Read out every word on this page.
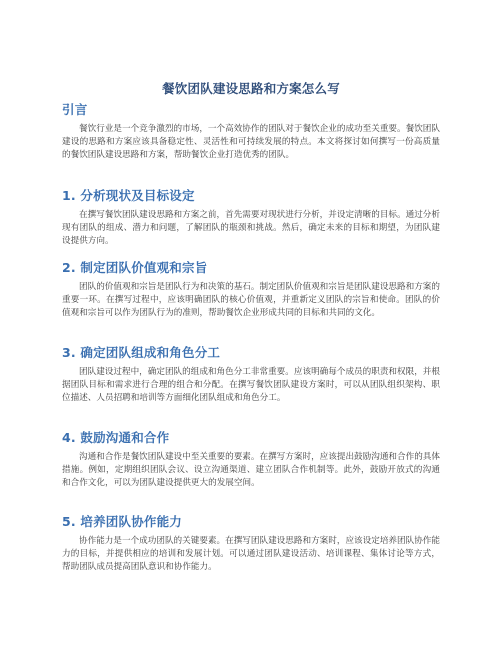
餐饮团队建设思路和方案怎么写
引言

餐饮行业是一个竞争激烈的市场，一个高效协作的团队对于餐饮企业的成功至关重要。餐饮团队建设的思路和方案应该具备稳定性、灵活性和可持续发展的特点。本文将探讨如何撰写一份高质量的餐饮团队建设思路和方案，帮助餐饮企业打造优秀的团队。

1. 分析现状及目标设定

在撰写餐饮团队建设思路和方案之前，首先需要对现状进行分析，并设定清晰的目标。通过分析现有团队的组成、潜力和问题，了解团队的瓶颈和挑战。然后，确定未来的目标和期望，为团队建设提供方向。

2. 制定团队价值观和宗旨

团队的价值观和宗旨是团队行为和决策的基石。制定团队价值观和宗旨是团队建设思路和方案的重要一环。在撰写过程中，应该明确团队的核心价值观，并重新定义团队的宗旨和使命。团队的价值观和宗旨可以作为团队行为的准则，帮助餐饮企业形成共同的目标和共同的文化。

3. 确定团队组成和角色分工

团队建设过程中，确定团队的组成和角色分工非常重要。应该明确每个成员的职责和权限，并根据团队目标和需求进行合理的组合和分配。在撰写餐饮团队建设方案时，可以从团队组织架构、职位描述、人员招聘和培训等方面细化团队组成和角色分工。

4. 鼓励沟通和合作

沟通和合作是餐饮团队建设中至关重要的要素。在撰写方案时，应该提出鼓励沟通和合作的具体措施。例如，定期组织团队会议、设立沟通渠道、建立团队合作机制等。此外，鼓励开放式的沟通和合作文化，可以为团队建设提供更大的发展空间。

5. 培养团队协作能力

协作能力是一个成功团队的关键要素。在撰写团队建设思路和方案时，应该设定培养团队协作能力的目标，并提供相应的培训和发展计划。可以通过团队建设活动、培训课程、集体讨论等方式，帮助团队成员提高团队意识和协作能力。
